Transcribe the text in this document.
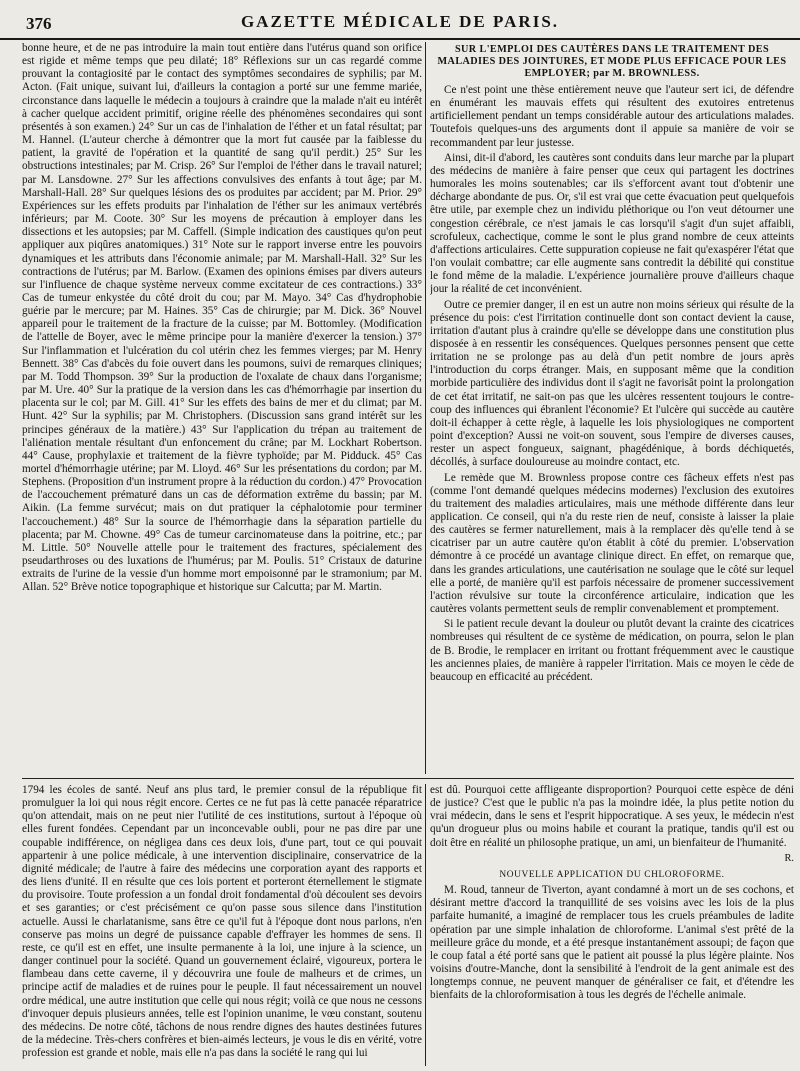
376	GAZETTE MÉDICALE DE PARIS.

bonne heure, et de ne pas introduire la main tout entière dans l'utérus quand son orifice est rigide et même temps que peu dilaté; 18° Réflexions sur un cas regardé comme prouvant la contagiosité par le contact des symptômes secondaires de syphilis; par M. Acton. (Fait unique, suivant lui, d'ailleurs la contagion a porté sur une femme mariée, circonstance dans laquelle le médecin a toujours à craindre que la malade n'ait eu intérêt à cacher quelque accident primitif, origine réelle des phénomènes secondaires qui sont présentés à son examen.) 24° Sur un cas de l'inhalation de l'éther et un fatal résultat; par M. Hannel. (L'auteur cherche à démontrer que la mort fut causée par la faiblesse du patient, la gravité de l'opération et la quantité de sang qu'il perdit.) 25° Sur les obstructions intestinales; par M. Crisp. 26° Sur l'emploi de l'éther dans le travail naturel; par M. Lansdowne. 27° Sur les affections convulsives des enfants à tout âge; par M. Marshall-Hall. 28° Sur quelques lésions des os produites par accident; par M. Prior. 29° Expériences sur les effets produits par l'inhalation de l'éther sur les animaux vertébrés inférieurs; par M. Coote. 30° Sur les moyens de précaution à employer dans les dissections et les autopsies; par M. Caffell. (Simple indication des caustiques qu'on peut appliquer aux piqûres anatomiques.) 31° Note sur le rapport inverse entre les pouvoirs dynamiques et les attributs dans l'économie animale; par M. Marshall-Hall. 32° Sur les contractions de l'utérus; par M. Barlow. (Examen des opinions émises par divers auteurs sur l'influence de chaque système nerveux comme excitateur de ces contractions.) 33° Cas de tumeur enkystée du côté droit du cou; par M. Mayo. 34° Cas d'hydrophobie guérie par le mercure; par M. Haines. 35° Cas de chirurgie; par M. Dick. 36° Nouvel appareil pour le traitement de la fracture de la cuisse; par M. Bottomley. (Modification de l'attelle de Boyer, avec le même principe pour la manière d'exercer la tension.) 37° Sur l'inflammation et l'ulcération du col utérin chez les femmes vierges; par M. Henry Bennett. 38° Cas d'abcès du foie ouvert dans les poumons, suivi de remarques cliniques; par M. Todd Thompson. 39° Sur la production de l'oxalate de chaux dans l'organisme; par M. Ure. 40° Sur la pratique de la version dans les cas d'hémorrhagie par insertion du placenta sur le col; par M. Gill. 41° Sur les effets des bains de mer et du climat; par M. Hunt. 42° Sur la syphilis; par M. Christophers. (Discussion sans grand intérêt sur les principes généraux de la matière.) 43° Sur l'application du trépan au traitement de l'aliénation mentale résultant d'un enfoncement du crâne; par M. Lockhart Robertson. 44° Cause, prophylaxie et traitement de la fièvre typhoïde; par M. Pidduck. 45° Cas mortel d'hémorrhagie utérine; par M. Lloyd. 46° Sur les présentations du cordon; par M. Stephens. (Proposition d'un instrument propre à la réduction du cordon.) 47° Provocation de l'accouchement prématuré dans un cas de déformation extrême du bassin; par M. Aikin. (La femme survécut; mais on dut pratiquer la céphalotomie pour terminer l'accouchement.) 48° Sur la source de l'hémorrhagie dans la séparation partielle du placenta; par M. Chowne. 49° Cas de tumeur carcinomateuse dans la poitrine, etc.; par M. Little. 50° Nouvelle attelle pour le traitement des fractures, spécialement des pseudarthroses ou des luxations de l'humérus; par M. Poulis. 51° Cristaux de daturine extraits de l'urine de la vessie d'un homme mort empoisonné par le stramonium; par M. Allan. 52° Brève notice topographique et historique sur Calcutta; par M. Martin.

SUR L'EMPLOI DES CAUTÈRES DANS LE TRAITEMENT DES MALADIES DES JOINTURES, ET MODE PLUS EFFICACE POUR LES EMPLOYER; par M. BROWNLESS.

Ce n'est point une thèse entièrement neuve que l'auteur sert ici, de défendre en énumérant les mauvais effets qui résultent des exutoires entretenus artificiellement pendant un temps considérable autour des articulations malades. Toutefois quelques-uns des arguments dont il appuie sa manière de voir se recommandent par leur justesse.

Ainsi, dit-il d'abord, les cautères sont conduits dans leur marche par la plupart des médecins de manière à faire penser que ceux qui partagent les doctrines humorales les moins soutenables; car ils s'efforcent avant tout d'obtenir une décharge abondante de pus. Or, s'il est vrai que cette évacuation peut quelquefois être utile, par exemple chez un individu pléthorique ou l'on veut détourner une congestion cérébrale, ce n'est jamais le cas lorsqu'il s'agit d'un sujet affaibli, scrofuleux, cachectique, comme le sont le plus grand nombre de ceux atteints d'affections articulaires. Cette suppuration copieuse ne fait qu'exaspérer l'état que l'on voulait combattre; car elle augmente sans contredit la débilité qui constitue le fond même de la maladie. L'expérience journalière prouve d'ailleurs chaque jour la réalité de cet inconvénient.

Outre ce premier danger, il en est un autre non moins sérieux qui résulte de la présence du pois: c'est l'irritation continuelle dont son contact devient la cause, irritation d'autant plus à craindre qu'elle se développe dans une constitution plus disposée à en ressentir les conséquences. Quelques personnes pensent que cette irritation ne se prolonge pas au delà d'un petit nombre de jours après l'introduction du corps étranger. Mais, en supposant même que la condition morbide particulière des individus dont il s'agit ne favorisât point la prolongation de cet état irritatif, ne sait-on pas que les ulcères ressentent toujours le contre-coup des influences qui ébranlent l'économie? Et l'ulcère qui succède au cautère doit-il échapper à cette règle, à laquelle les lois physiologiques ne comportent point d'exception? Aussi ne voit-on souvent, sous l'empire de diverses causes, rester un aspect fongueux, saignant, phagédénique, à bords déchiquetés, décollés, à surface douloureuse au moindre contact, etc.

Le remède que M. Brownless propose contre ces fâcheux effets n'est pas (comme l'ont demandé quelques médecins modernes) l'exclusion des exutoires du traitement des maladies articulaires, mais une méthode différente dans leur application. Ce conseil, qui n'a du reste rien de neuf, consiste à laisser la plaie des cautères se fermer naturellement, mais à la remplacer dès qu'elle tend à se cicatriser par un autre cautère qu'on établit à côté du premier. L'observation démontre à ce procédé un avantage clinique direct. En effet, on remarque que, dans les grandes articulations, une cautérisation ne soulage que le côté sur lequel elle a porté, de manière qu'il est parfois nécessaire de promener successivement l'action révulsive sur toute la circonférence articulaire, indication que les cautères volants permettent seuls de remplir convenablement et promptement.

Si le patient recule devant la douleur ou plutôt devant la crainte des cicatrices nombreuses qui résultent de ce système de médication, on pourra, selon le plan de B. Brodie, le remplacer en irritant ou frottant fréquemment avec le caustique les anciennes plaies, de manière à rappeler l'irritation. Mais ce moyen le cède de beaucoup en efficacité au précédent.

1794 les écoles de santé. Neuf ans plus tard, le premier consul de la république fit promulguer la loi qui nous régit encore. Certes ce ne fut pas là cette panacée réparatrice qu'on attendait, mais on ne peut nier l'utilité de ces institutions, surtout à l'époque où elles furent fondées. Cependant par un inconcevable oubli, pour ne pas dire par une coupable indifférence, on négligea dans ces deux lois, d'une part, tout ce qui pouvait appartenir à une police médicale, à une intervention disciplinaire, conservatrice de la dignité médicale; de l'autre à faire des médecins une corporation ayant des rapports et des liens d'unité. Il en résulte que ces lois portent et porteront éternellement le stigmate du provisoire. Toute profession a un fondal droit fondamental d'où découlent ses devoirs et ses garanties; or c'est précisément ce qu'on passe sous silence dans l'institution actuelle. Aussi le charlatanisme, sans être ce qu'il fut à l'époque dont nous parlons, n'en conserve pas moins un degré de puissance capable d'effrayer les hommes de sens. Il reste, ce qu'il est en effet, une insulte permanente à la loi, une injure à la science, un danger continuel pour la société. Quand un gouvernement éclairé, vigoureux, portera le flambeau dans cette caverne, il y découvrira une foule de malheurs et de crimes, un principe actif de maladies et de ruines pour le peuple. Il faut nécessairement un nouvel ordre médical, une autre institution que celle qui nous régit; voilà ce que nous ne cessons d'invoquer depuis plusieurs années, telle est l'opinion unanime, le vœu constant, soutenu des médecins. De notre côté, tâchons de nous rendre dignes des hautes destinées futures de la médecine. Très-chers confrères et bien-aimés lecteurs, je vous le dis en vérité, votre profession est grande et noble, mais elle n'a pas dans la société le rang qui lui

est dû. Pourquoi cette affligeante disproportion? Pourquoi cette espèce de déni de justice? C'est que le public n'a pas la moindre idée, la plus petite notion du vrai médecin, dans le sens et l'esprit hippocratique. A ses yeux, le médecin n'est qu'un drogueur plus ou moins habile et courant la pratique, tandis qu'il est ou doit être en réalité un philosophe pratique, un ami, un bienfaiteur de l'humanité.

R.

NOUVELLE APPLICATION DU CHLOROFORME.

M. Roud, tanneur de Tiverton, ayant condamné à mort un de ses cochons, et désirant mettre d'accord la tranquillité de ses voisins avec les lois de la plus parfaite humanité, a imaginé de remplacer tous les cruels préambules de ladite opération par une simple inhalation de chloroforme. L'animal s'est prêté de la meilleure grâce du monde, et a été presque instantanément assoupi; de façon que le coup fatal a été porté sans que le patient ait poussé la plus légère plainte. Nos voisins d'outre-Manche, dont la sensibilité à l'endroit de la gent animale est des longtemps connue, ne peuvent manquer de généraliser ce fait, et d'étendre les bienfaits de la chloroformisation à tous les degrés de l'échelle animale.
